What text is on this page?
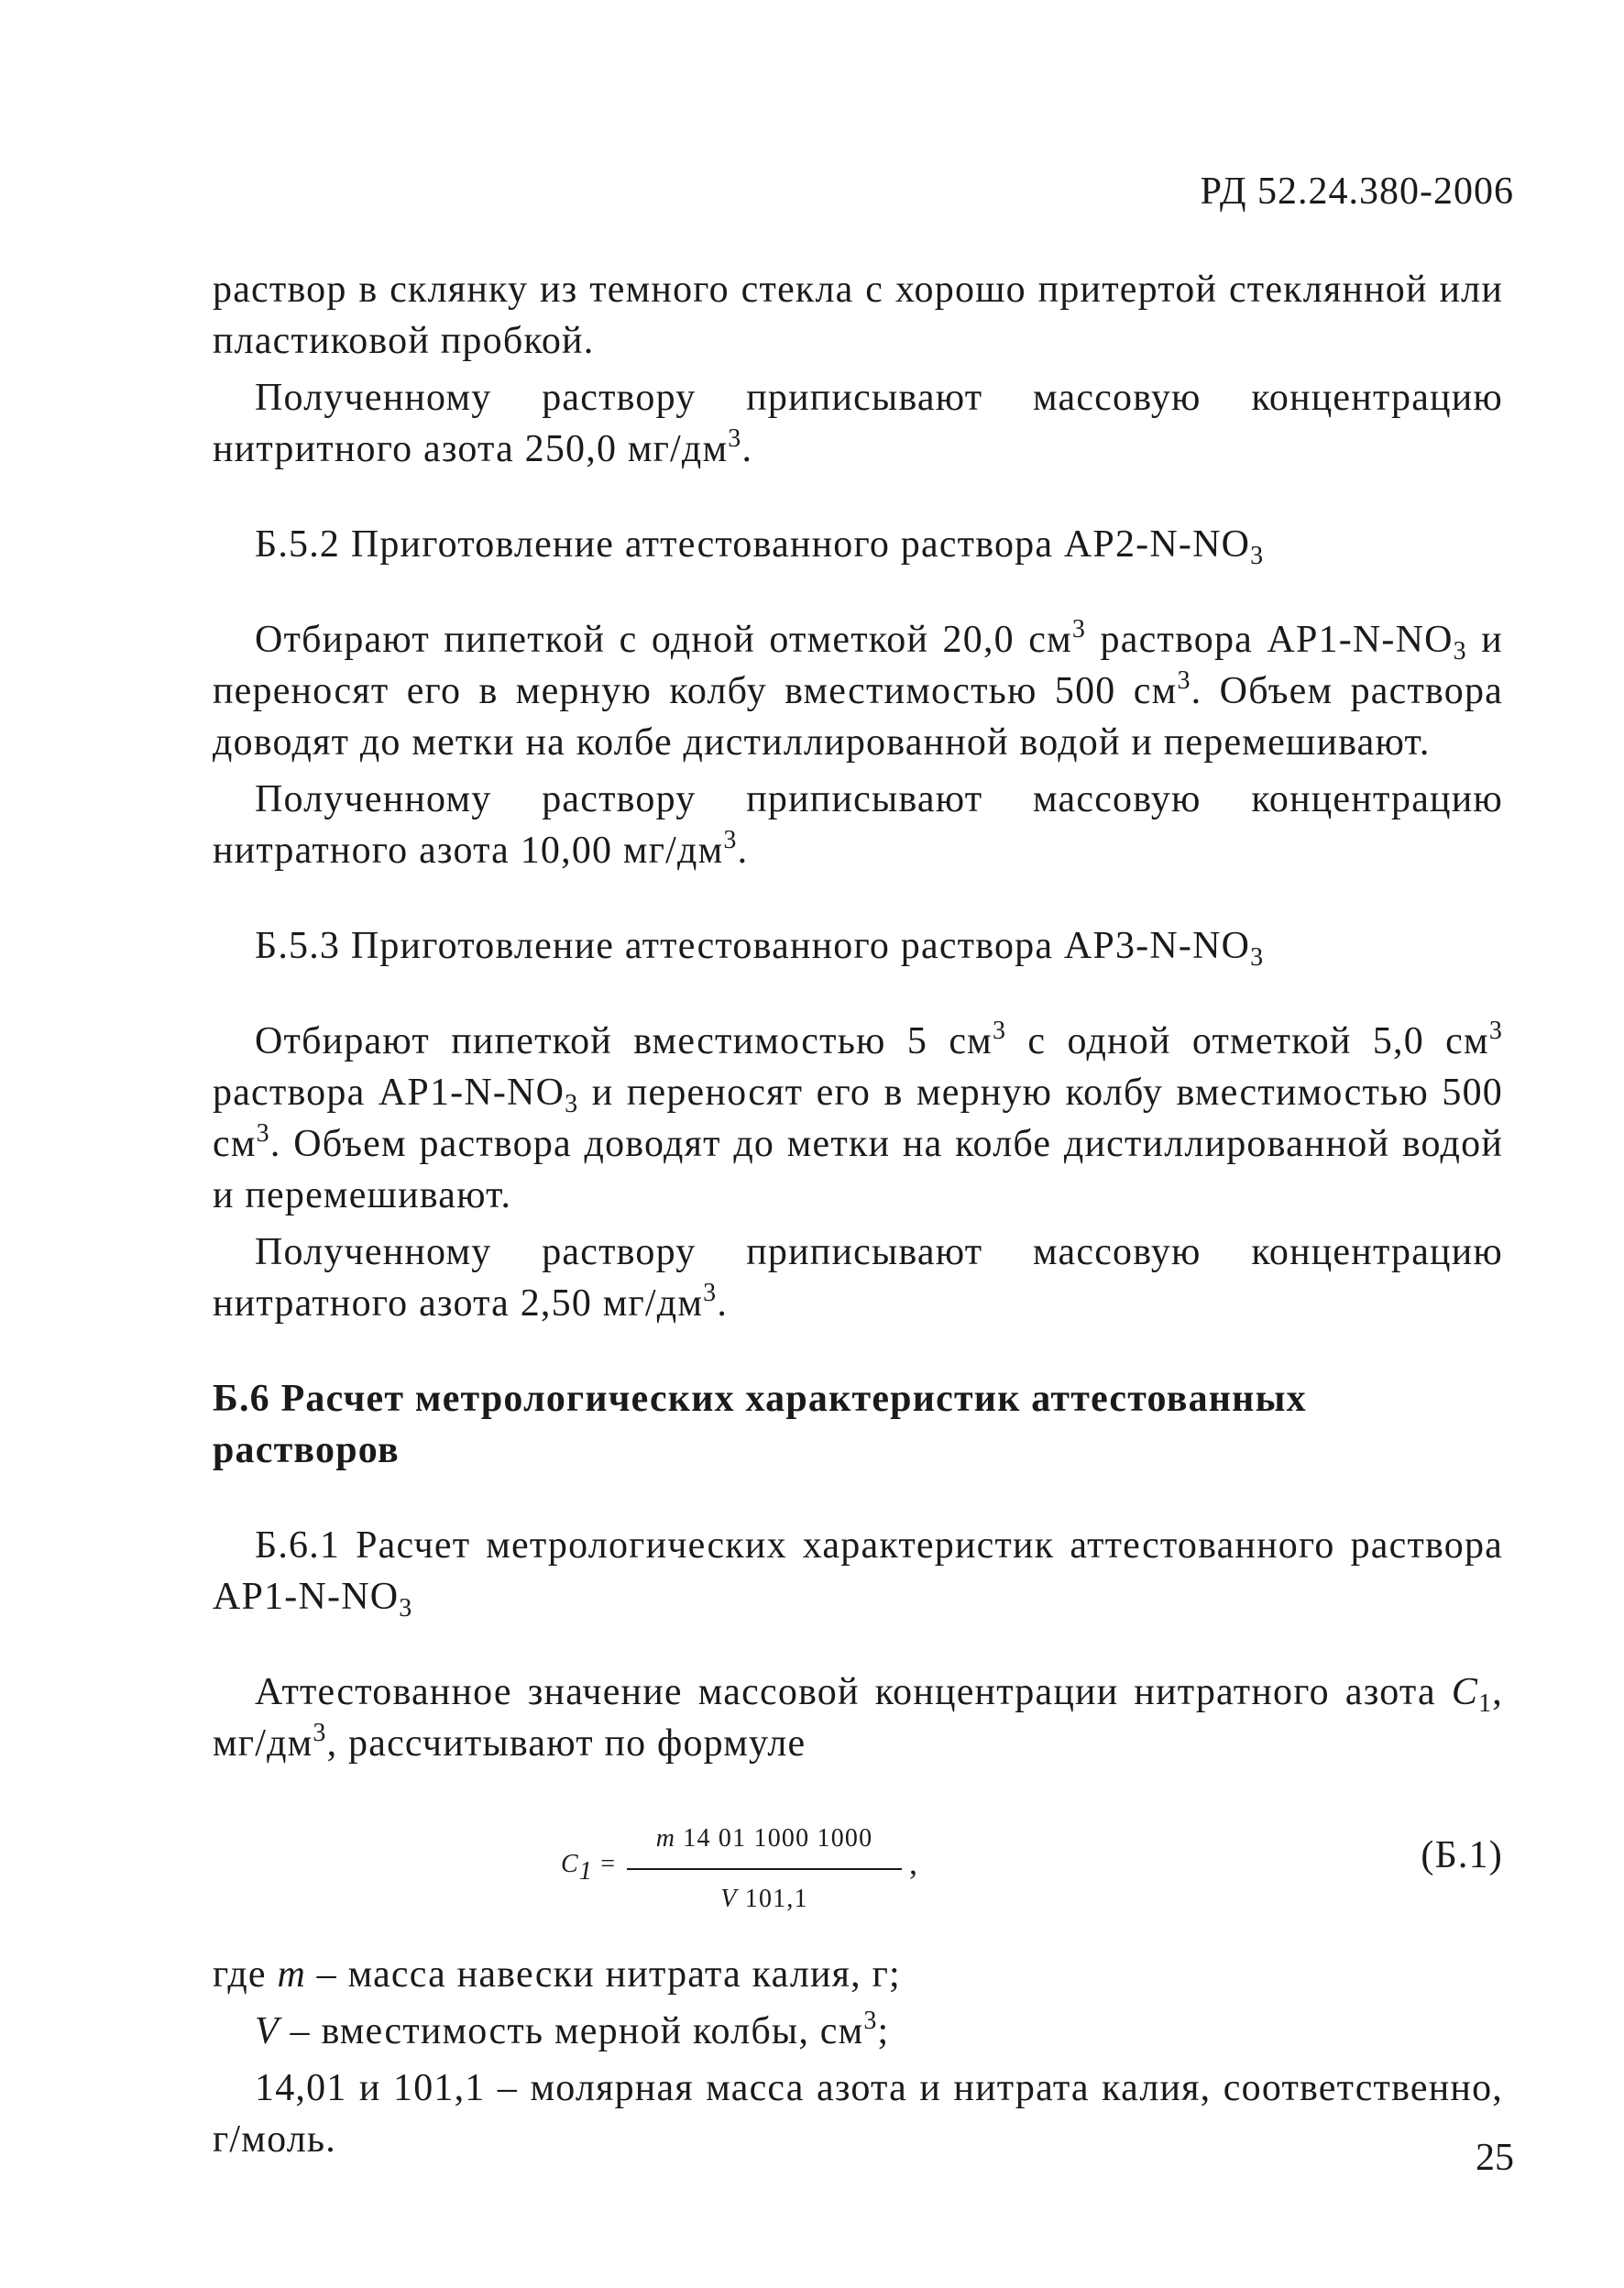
РД 52.24.380-2006

раствор в склянку из темного стекла с хорошо притертой стеклянной или пластиковой пробкой.

Полученному раствору приписывают массовую концентрацию нитритного азота 250,0 $мг/дм^3$.

Б.5.2 Приготовление аттестованного раствора $АР2-N-NO_3$

Отбирают пипеткой с одной отметкой 20,0 $см^3$ раствора $АР1-N-NO_3$ и переносят его в мерную колбу вместимостью 500 $см^3$. Объем раствора доводят до метки на колбе дистиллированной водой и перемешивают.

Полученному раствору приписывают массовую концентрацию нитратного азота 10,00 $мг/дм^3$.

Б.5.3 Приготовление аттестованного раствора $АР3-N-NO_3$

Отбирают пипеткой вместимостью 5 $см^3$ с одной отметкой 5,0 $см^3$ раствора $АР1-N-NO_3$ и переносят его в мерную колбу вместимостью 500 $см^3$. Объем раствора доводят до метки на колбе дистиллированной водой и перемешивают.

Полученному раствору приписывают массовую концентрацию нитратного азота 2,50 $мг/дм^3$.

Б.6 Расчет метрологических характеристик аттестованных растворов

Б.6.1 Расчет метрологических характеристик аттестованного раствора $АР1-N-NO_3$

Аттестованное значение массовой концентрации нитратного азота $C_1$, $мг/дм^3$, рассчитывают по формуле

$C_1 = \frac{m 14 01 1000 1000}{V 101,1}$ ,	(Б.1)

где m – масса навески нитрата калия, г;

V – вместимость мерной колбы, $см^3$;

14,01 и 101,1 – молярная масса азота и нитрата калия, соответственно, г/моль.	25
